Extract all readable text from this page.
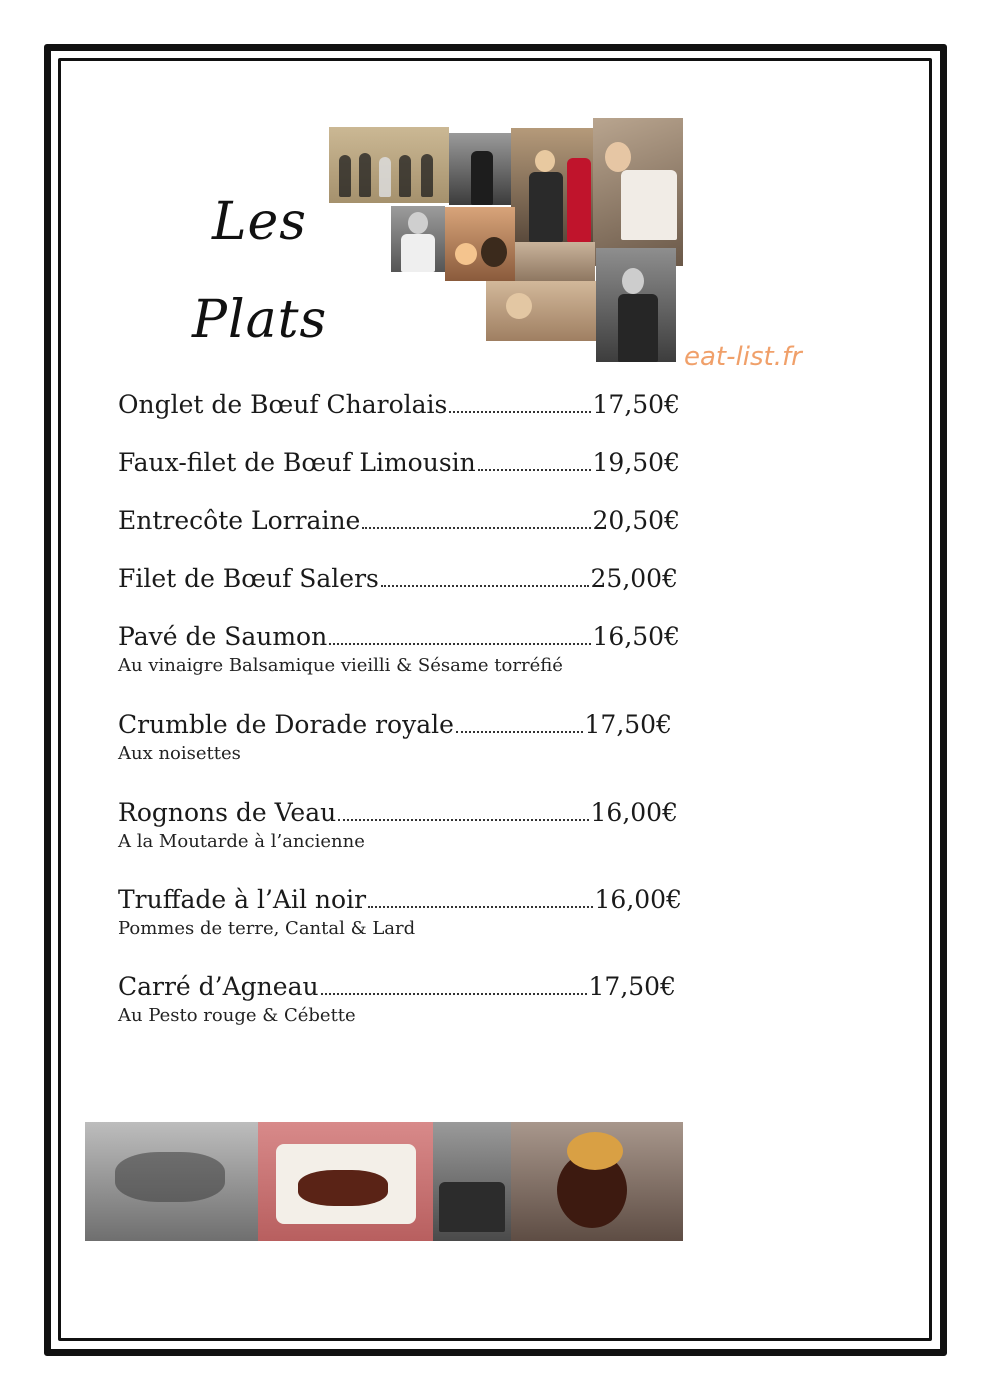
Les
Plats
eat-list.fr
Onglet de Bœuf Charolais	17,50€
Faux-filet de Bœuf Limousin	19,50€
Entrecôte Lorraine	20,50€
Filet de Bœuf Salers	25,00€
Pavé de Saumon	16,50€
Au vinaigre Balsamique vieilli & Sésame torréfié
Crumble de Dorade royale	17,50€
Aux noisettes
Rognons de Veau	16,00€
A la Moutarde à l’ancienne
Truffade à l’Ail noir	16,00€
Pommes de terre, Cantal & Lard
Carré d’Agneau	17,50€
Au Pesto rouge & Cébette
